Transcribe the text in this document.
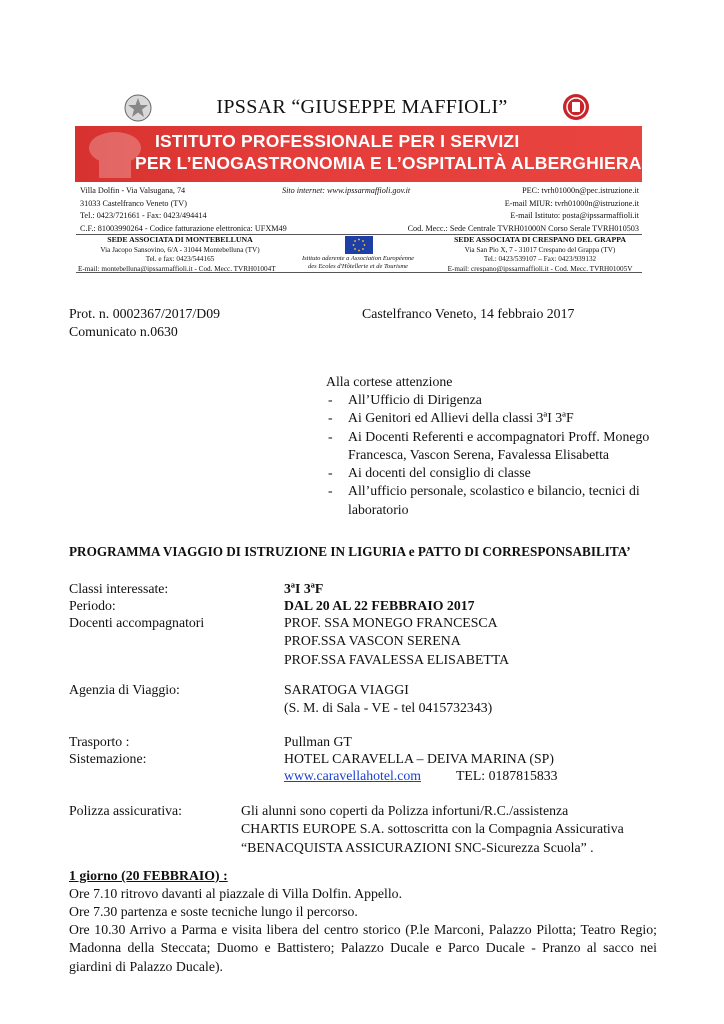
IPSSAR “GIUSEPPE MAFFIOLI”
ISTITUTO PROFESSIONALE PER I SERVIZI
PER L’ENOGASTRONOMIA E L’OSPITALITÀ ALBERGHIERA
Villa Dolfin - Via Valsugana, 74
31033 Castelfranco Veneto (TV)
Tel.: 0423/721661 - Fax: 0423/494414
C.F.: 81003990264 - Codice fatturazione elettronica: UFXM49
Sito internet: www.ipssarmaffioli.gov.it	PEC: tvrh01000n@pec.istruzione.it
E-mail MIUR: tvrh01000n@istruzione.it
E-mail Istituto: posta@ipssarmaffioli.it
Cod. Mecc.: Sede Centrale TVRH01000N Corso Serale TVRH010503
SEDE ASSOCIATA DI MONTEBELLUNA
Via Jacopo Sansovino, 6/A - 31044 Montebelluna (TV)
Tel. e fax: 0423/544165
E-mail: montebelluna@ipssarmaffioli.it - Cod. Mecc. TVRH01004T
Istituto aderente a Association Européenne
des Ecoles d'Hôtellerie et de Tourisme
SEDE ASSOCIATA DI CRESPANO DEL GRAPPA
Via San Pio X, 7 - 31017 Crespano del Grappa (TV)
Tel.: 0423/539107 – Fax: 0423/939132
E-mail: crespano@ipssarmaffioli.it - Cod. Mecc. TVRH01005V
Prot. n. 0002367/2017/D09
Comunicato n.0630
Castelfranco Veneto, 14 febbraio 2017
Alla cortese attenzione
- All’Ufficio di Dirigenza
- Ai Genitori ed Allievi della classi 3ªI 3ªF
- Ai Docenti Referenti e accompagnatori Proff. Monego Francesca, Vascon Serena, Favalessa Elisabetta
- Ai docenti del consiglio di classe
- All’ufficio personale, scolastico e bilancio, tecnici di laboratorio
PROGRAMMA VIAGGIO DI ISTRUZIONE IN LIGURIA e PATTO DI CORRESPONSABILITA’
Classi interessate:	3ªI 3ªF
Periodo:	DAL 20 AL 22 FEBBRAIO 2017
Docenti accompagnatori	PROF. SSA MONEGO FRANCESCA
PROF.SSA VASCON SERENA
PROF.SSA FAVALESSA ELISABETTA
Agenzia di Viaggio:	SARATOGA VIAGGI
(S. M. di Sala - VE - tel 0415732343)
Trasporto :	Pullman GT
Sistemazione:	HOTEL CARAVELLA – DEIVA MARINA (SP)
www.caravellahotel.com	TEL: 0187815833
Polizza assicurativa:	Gli alunni sono coperti da Polizza infortuni/R.C./assistenza
CHARTIS EUROPE S.A. sottoscritta con la Compagnia Assicurativa
“BENACQUISTA ASSICURAZIONI SNC-Sicurezza Scuola” .
1 giorno (20 FEBBRAIO) :
Ore 7.10 ritrovo davanti al piazzale di Villa Dolfin. Appello.
Ore 7.30 partenza e soste tecniche lungo il percorso.
Ore 10.30 Arrivo a Parma e visita libera del centro storico (P.le Marconi, Palazzo Pilotta; Teatro Regio; Madonna della Steccata; Duomo e Battistero; Palazzo Ducale e Parco Ducale - Pranzo al sacco nei giardini di Palazzo Ducale).
